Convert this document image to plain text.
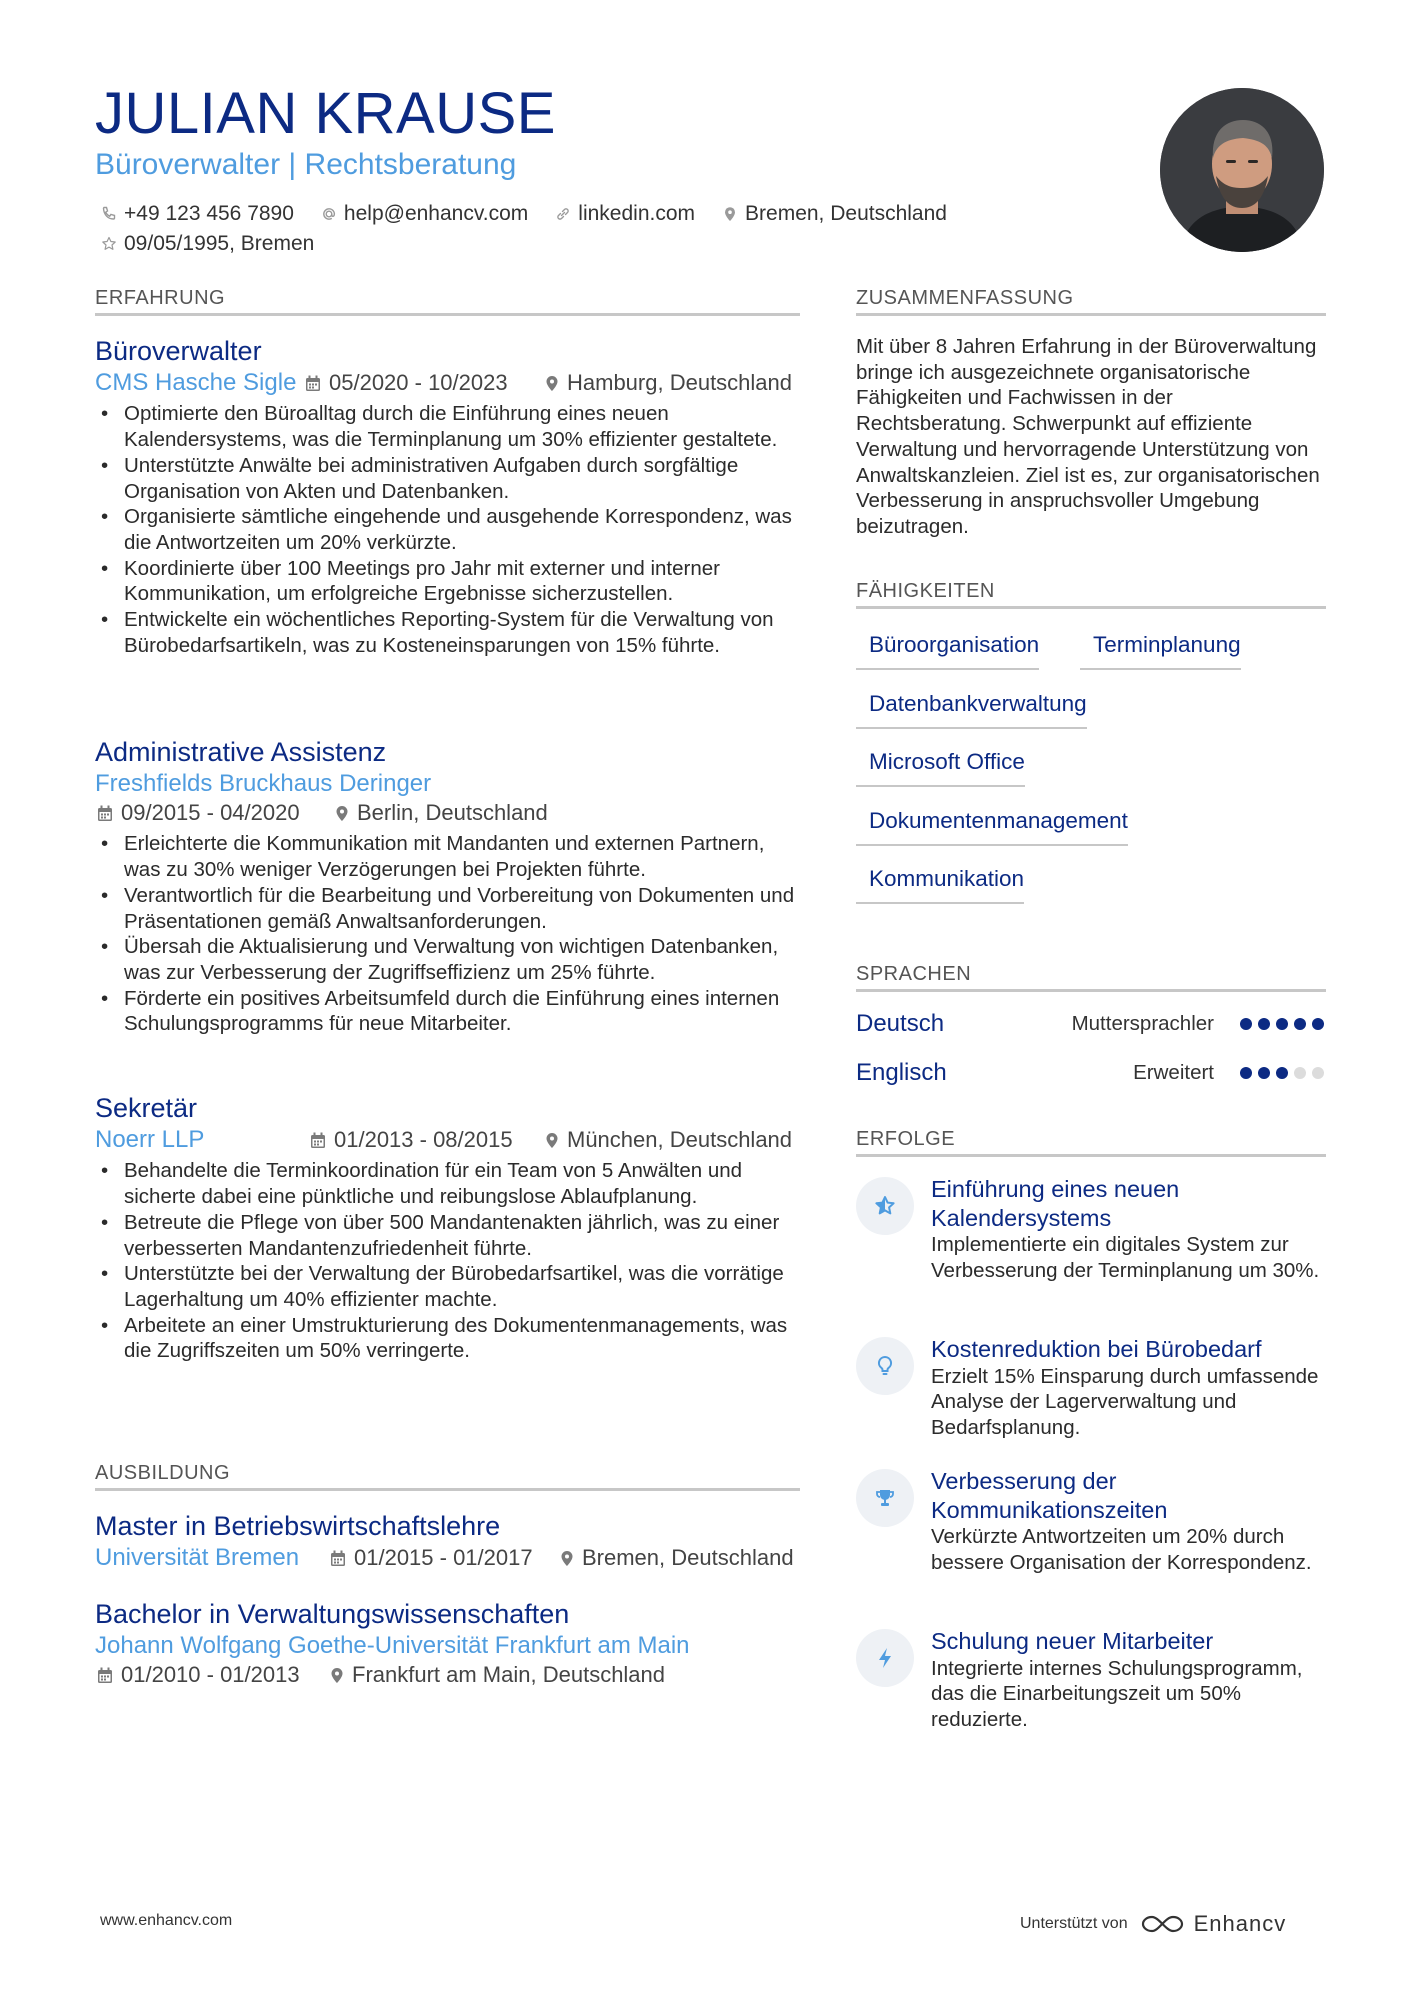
JULIAN KRAUSE
Büroverwalter | Rechtsberatung
+49 123 456 7890 help@enhancv.com linkedin.com Bremen, Deutschland
09/05/1995, Bremen
ERFAHRUNG
Büroverwalter
CMS Hasche Sigle 05/2020 - 10/2023	Hamburg, Deutschland
• Optimierte den Büroalltag durch die Einführung eines neuen Kalendersystems, was die Terminplanung um 30% effizienter gestaltete.
• Unterstützte Anwälte bei administrativen Aufgaben durch sorgfältige Organisation von Akten und Datenbanken.
• Organisierte sämtliche eingehende und ausgehende Korrespondenz, was die Antwortzeiten um 20% verkürzte.
• Koordinierte über 100 Meetings pro Jahr mit externer und interner Kommunikation, um erfolgreiche Ergebnisse sicherzustellen.
• Entwickelte ein wöchentliches Reporting-System für die Verwaltung von Bürobedarfsartikeln, was zu Kosteneinsparungen von 15% führte.
Administrative Assistenz
Freshfields Bruckhaus Deringer
09/2015 - 04/2020	Berlin, Deutschland
• Erleichterte die Kommunikation mit Mandanten und externen Partnern, was zu 30% weniger Verzögerungen bei Projekten führte.
• Verantwortlich für die Bearbeitung und Vorbereitung von Dokumenten und Präsentationen gemäß Anwaltsanforderungen.
• Übersah die Aktualisierung und Verwaltung von wichtigen Datenbanken, was zur Verbesserung der Zugriffseffizienz um 25% führte.
• Förderte ein positives Arbeitsumfeld durch die Einführung eines internen Schulungsprogramms für neue Mitarbeiter.
Sekretär
Noerr LLP	01/2013 - 08/2015 München, Deutschland
• Behandelte die Terminkoordination für ein Team von 5 Anwälten und sicherte dabei eine pünktliche und reibungslose Ablaufplanung.
• Betreute die Pflege von über 500 Mandantenakten jährlich, was zu einer verbesserten Mandantenzufriedenheit führte.
• Unterstützte bei der Verwaltung der Bürobedarfsartikel, was die vorrätige Lagerhaltung um 40% effizienter machte.
• Arbeitete an einer Umstrukturierung des Dokumentenmanagements, was die Zugriffszeiten um 50% verringerte.
AUSBILDUNG
Master in Betriebswirtschaftslehre
Universität Bremen 01/2015 - 01/2017 Bremen, Deutschland
Bachelor in Verwaltungswissenschaften
Johann Wolfgang Goethe-Universität Frankfurt am Main
01/2010 - 01/2013 Frankfurt am Main, Deutschland
ZUSAMMENFASSUNG
Mit über 8 Jahren Erfahrung in der Büroverwaltung bringe ich ausgezeichnete organisatorische Fähigkeiten und Fachwissen in der Rechtsberatung. Schwerpunkt auf effiziente Verwaltung und hervorragende Unterstützung von Anwaltskanzleien. Ziel ist es, zur organisatorischen Verbesserung in anspruchsvoller Umgebung beizutragen.
FÄHIGKEITEN
Büroorganisation	Terminplanung
Datenbankverwaltung
Microsoft Office
Dokumentenmanagement
Kommunikation
SPRACHEN
Deutsch	Muttersprachler
Englisch	Erweitert
ERFOLGE
Einführung eines neuen Kalendersystems
Implementierte ein digitales System zur Verbesserung der Terminplanung um 30%.
Kostenreduktion bei Bürobedarf
Erzielt 15% Einsparung durch umfassende Analyse der Lagerverwaltung und Bedarfsplanung.
Verbesserung der Kommunikationszeiten
Verkürzte Antwortzeiten um 20% durch bessere Organisation der Korrespondenz.
Schulung neuer Mitarbeiter
Integrierte internes Schulungsprogramm, das die Einarbeitungszeit um 50% reduzierte.
www.enhancv.com	Unterstützt von	Enhancv
